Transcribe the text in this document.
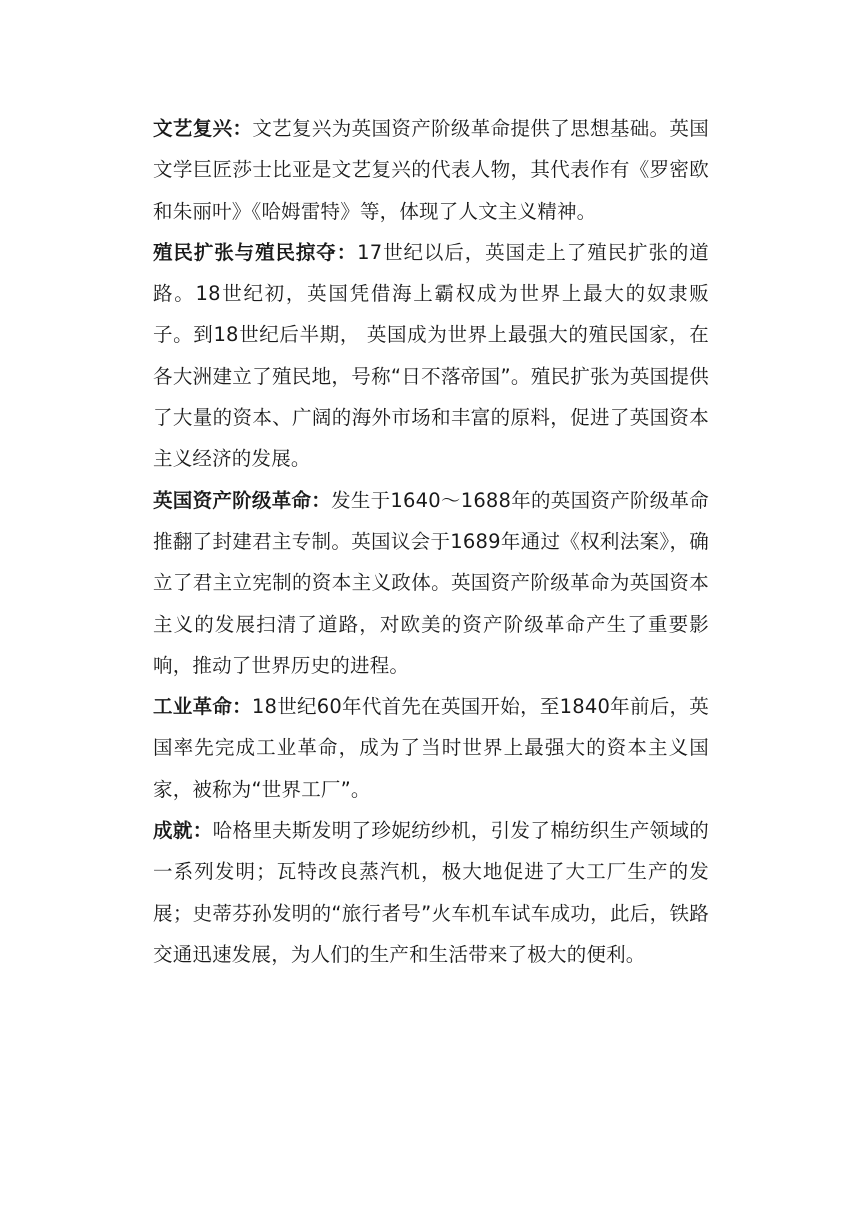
文艺复兴：文艺复兴为英国资产阶级革命提供了思想基础。英国文学巨匠莎士比亚是文艺复兴的代表人物，其代表作有《罗密欧和朱丽叶》《哈姆雷特》等，体现了人文主义精神。

殖民扩张与殖民掠夺：17世纪以后，英国走上了殖民扩张的道路。18世纪初，英国凭借海上霸权成为世界上最大的奴隶贩子。到18世纪后半期， 英国成为世界上最强大的殖民国家，在各大洲建立了殖民地，号称“日不落帝国”。殖民扩张为英国提供了大量的资本、广阔的海外市场和丰富的原料，促进了英国资本主义经济的发展。

英国资产阶级革命：发生于1640～1688年的英国资产阶级革命推翻了封建君主专制。英国议会于1689年通过《权利法案》，确立了君主立宪制的资本主义政体。英国资产阶级革命为英国资本主义的发展扫清了道路，对欧美的资产阶级革命产生了重要影响，推动了世界历史的进程。

工业革命：18世纪60年代首先在英国开始，至1840年前后，英国率先完成工业革命，成为了当时世界上最强大的资本主义国家，被称为“世界工厂”。

成就：哈格里夫斯发明了珍妮纺纱机，引发了棉纺织生产领域的一系列发明；瓦特改良蒸汽机，极大地促进了大工厂生产的发展；史蒂芬孙发明的“旅行者号”火车机车试车成功，此后，铁路交通迅速发展，为人们的生产和生活带来了极大的便利。
